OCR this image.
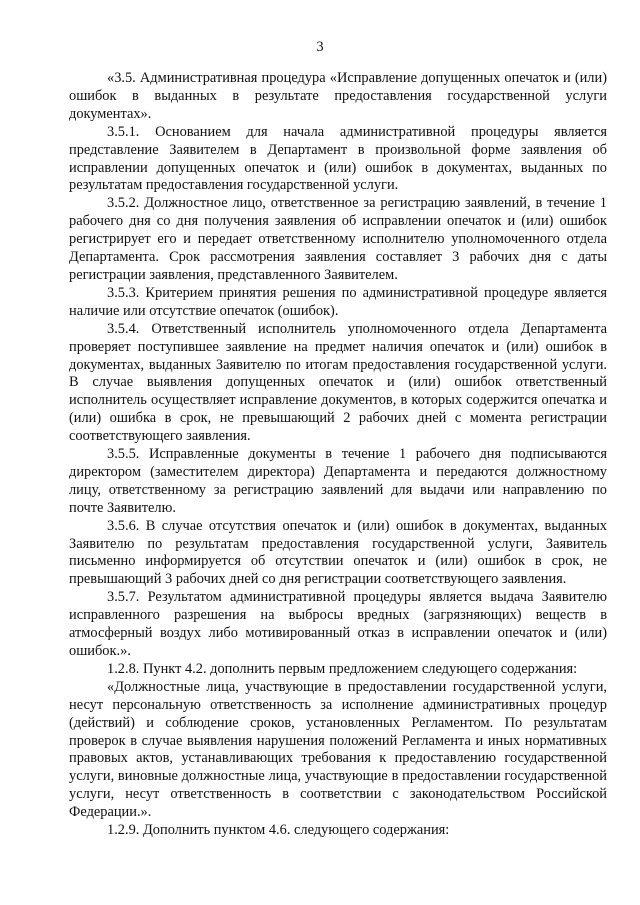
3

«3.5. Административная процедура «Исправление допущенных опечаток и (или) ошибок в выданных в результате предоставления государственной услуги документах».

3.5.1. Основанием для начала административной процедуры является представление Заявителем в Департамент в произвольной форме заявления об исправлении допущенных опечаток и (или) ошибок в документах, выданных по результатам предоставления государственной услуги.

3.5.2. Должностное лицо, ответственное за регистрацию заявлений, в течение 1 рабочего дня со дня получения заявления об исправлении опечаток и (или) ошибок регистрирует его и передает ответственному исполнителю уполномоченного отдела Департамента. Срок рассмотрения заявления составляет 3 рабочих дня с даты регистрации заявления, представленного Заявителем.

3.5.3. Критерием принятия решения по административной процедуре является наличие или отсутствие опечаток (ошибок).

3.5.4. Ответственный исполнитель уполномоченного отдела Департамента проверяет поступившее заявление на предмет наличия опечаток и (или) ошибок в документах, выданных Заявителю по итогам предоставления государственной услуги. В случае выявления допущенных опечаток и (или) ошибок ответственный исполнитель осуществляет исправление документов, в которых содержится опечатка и (или) ошибка в срок, не превышающий 2 рабочих дней с момента регистрации соответствующего заявления.

3.5.5. Исправленные документы в течение 1 рабочего дня подписываются директором (заместителем директора) Департамента и передаются должностному лицу, ответственному за регистрацию заявлений для выдачи или направлению по почте Заявителю.

3.5.6. В случае отсутствия опечаток и (или) ошибок в документах, выданных Заявителю по результатам предоставления государственной услуги, Заявитель письменно информируется об отсутствии опечаток и (или) ошибок в срок, не превышающий 3 рабочих дней со дня регистрации соответствующего заявления.

3.5.7. Результатом административной процедуры является выдача Заявителю исправленного разрешения на выбросы вредных (загрязняющих) веществ в атмосферный воздух либо мотивированный отказ в исправлении опечаток и (или) ошибок.».

1.2.8. Пункт 4.2. дополнить первым предложением следующего содержания:

«Должностные лица, участвующие в предоставлении государственной услуги, несут персональную ответственность за исполнение административных процедур (действий) и соблюдение сроков, установленных Регламентом. По результатам проверок в случае выявления нарушения положений Регламента и иных нормативных правовых актов, устанавливающих требования к предоставлению государственной услуги, виновные должностные лица, участвующие в предоставлении государственной услуги, несут ответственность в соответствии с законодательством Российской Федерации.».

1.2.9. Дополнить пунктом 4.6. следующего содержания:
